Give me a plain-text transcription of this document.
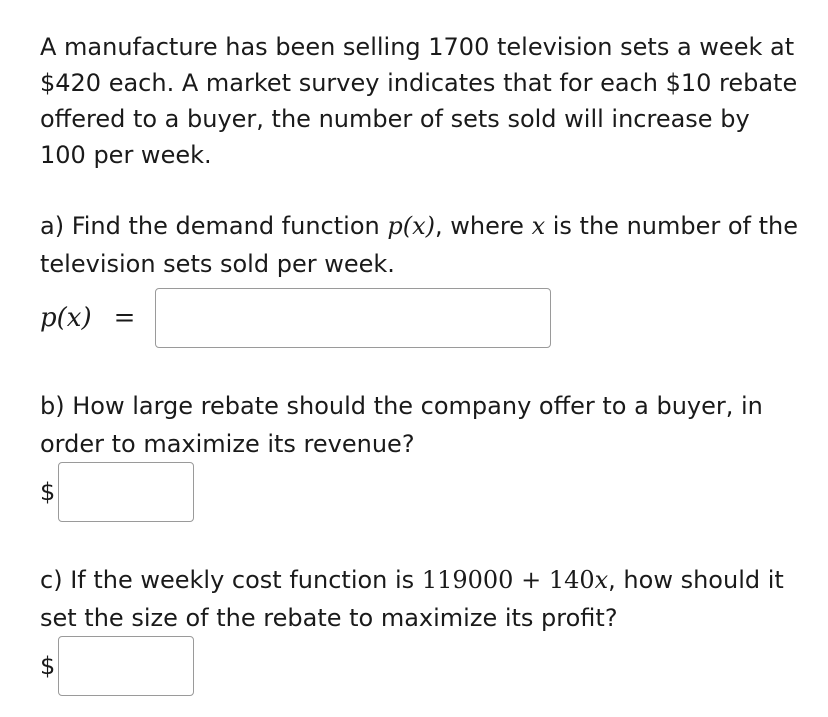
A manufacture has been selling 1700 television sets a week at $420 each. A market survey indicates that for each $10 rebate offered to a buyer, the number of sets sold will increase by 100 per week.

a) Find the demand function p(x), where x is the number of the television sets sold per week.

p(x) =

b) How large rebate should the company offer to a buyer, in order to maximize its revenue?

$

c) If the weekly cost function is 119000 + 140x, how should it set the size of the rebate to maximize its profit?

$
